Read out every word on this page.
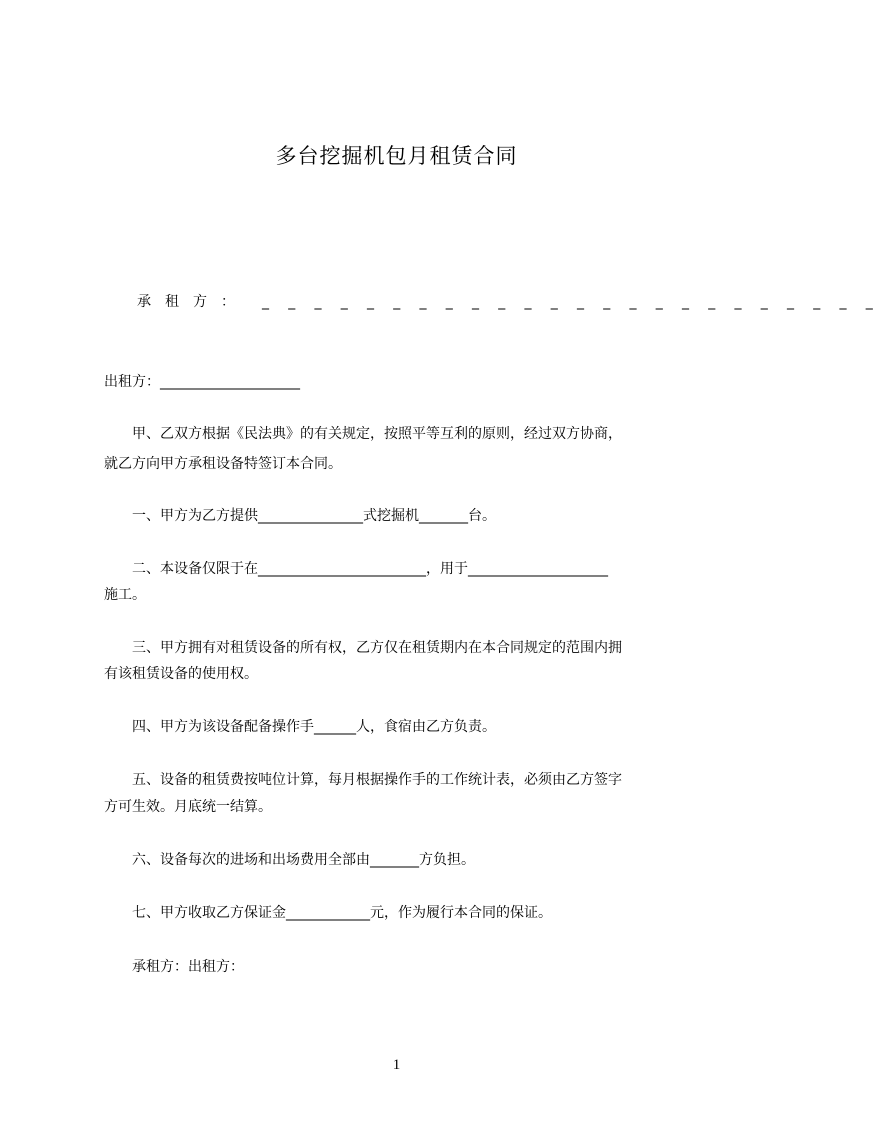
多台挖掘机包月租赁合同
承租方： _ _ _ _ _ _ _ _ _ _ _ _ _ _ _ _ _ _ _ _ _ _ _ _
出租方：____________________
　　甲、乙双方根据《民法典》的有关规定，按照平等互利的原则，经过双方协商，
就乙方向甲方承租设备特签订本合同。
　　一、甲方为乙方提供_______________式挖掘机_______台。
　　二、本设备仅限于在________________________，用于____________________
施工。
　　三、甲方拥有对租赁设备的所有权，乙方仅在租赁期内在本合同规定的范围内拥
有该租赁设备的使用权。
　　四、甲方为该设备配备操作手______人，食宿由乙方负责。
　　五、设备的租赁费按吨位计算，每月根据操作手的工作统计表，必须由乙方签字
方可生效。月底统一结算。
　　六、设备每次的进场和出场费用全部由_______方负担。
　　七、甲方收取乙方保证金____________元，作为履行本合同的保证。
　　承租方：出租方：
1
